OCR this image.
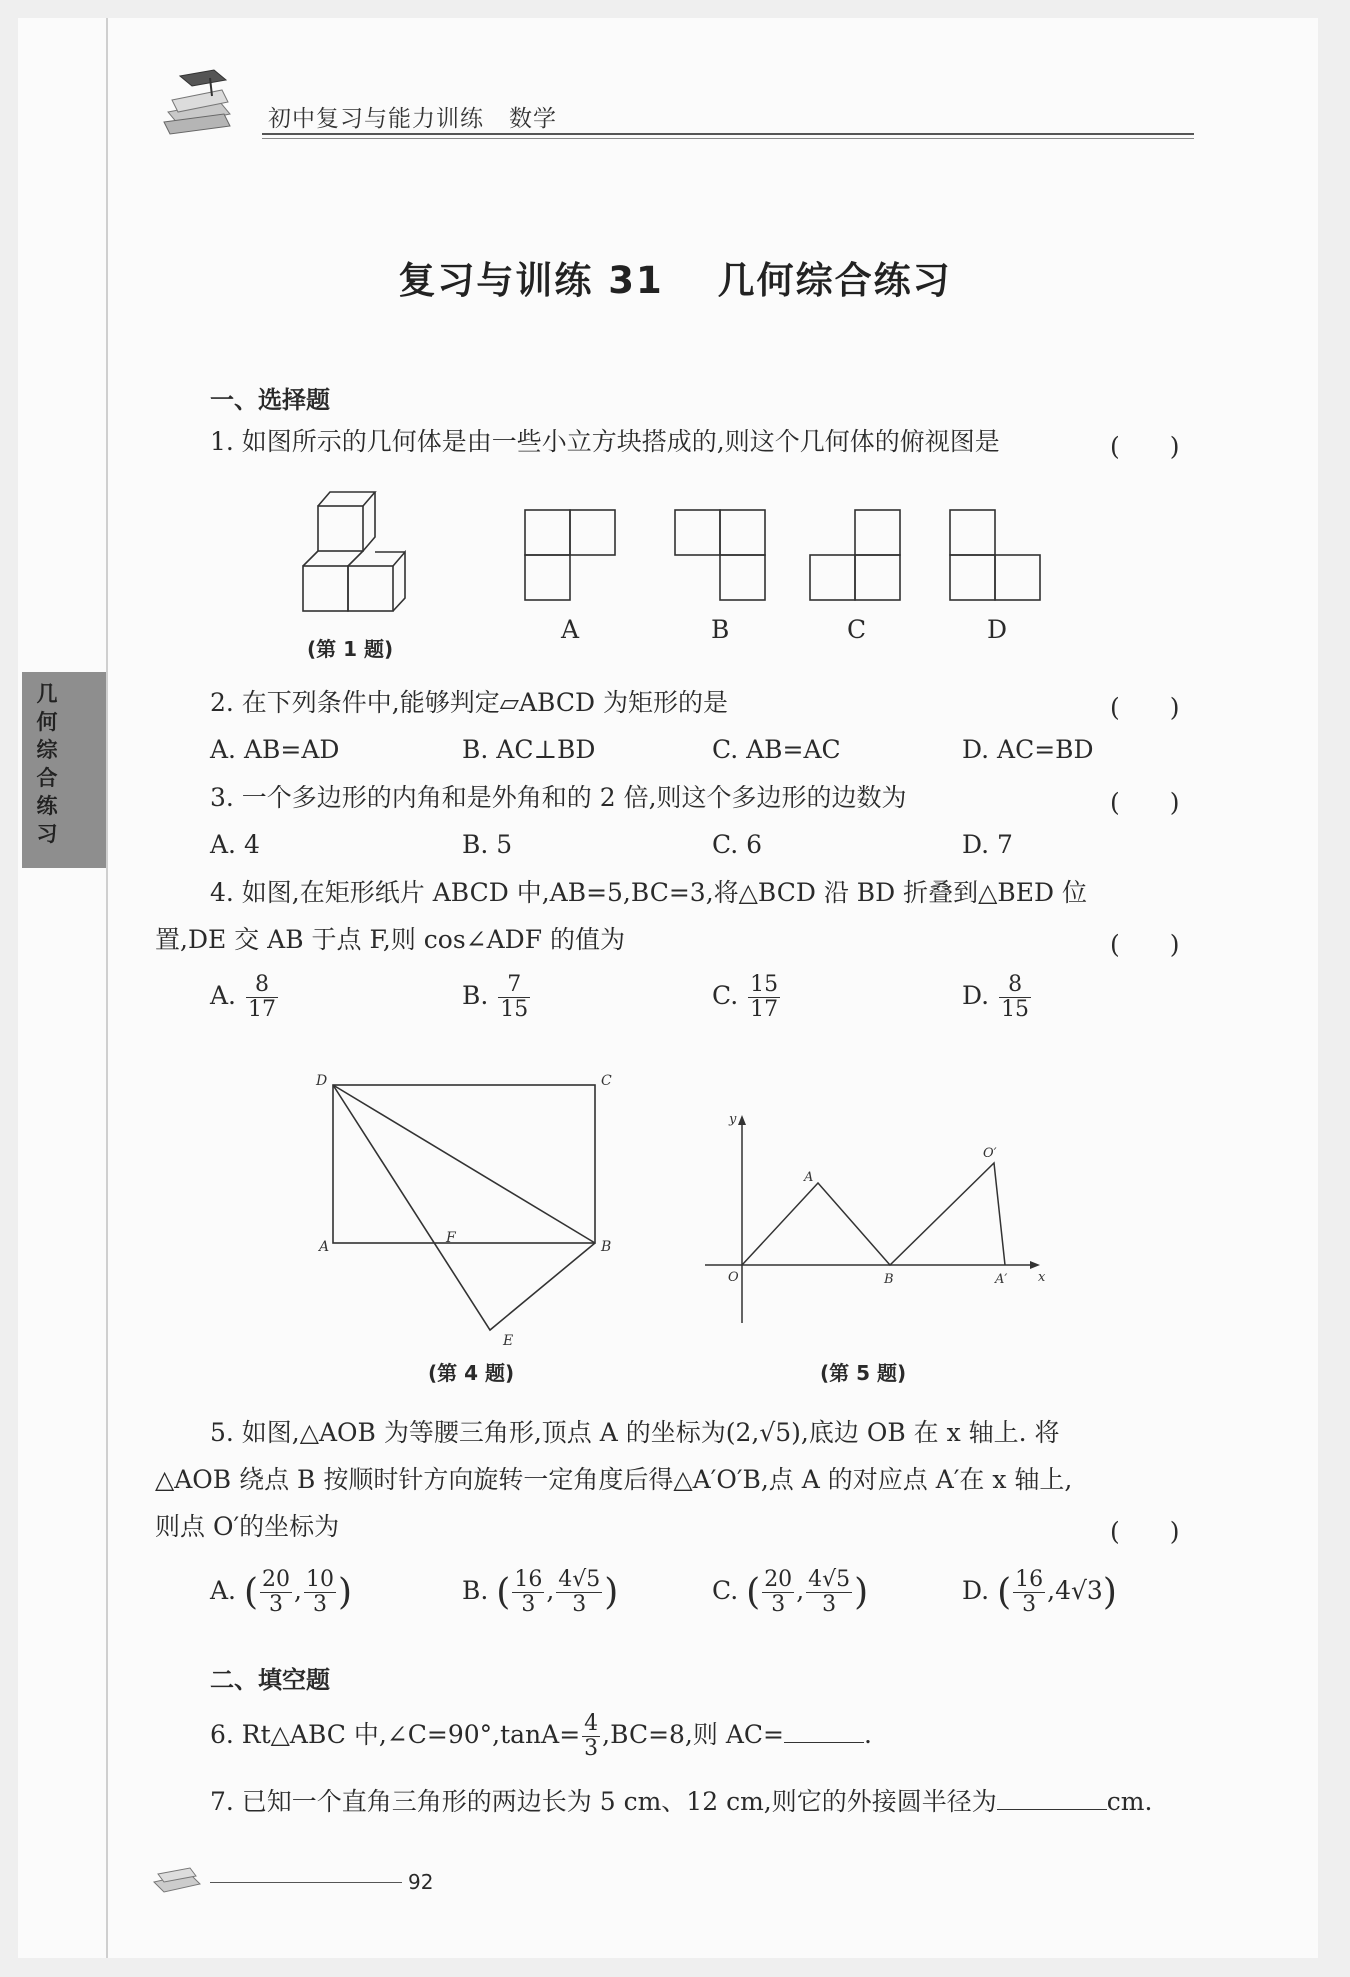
初中复习与能力训练 数学
几
何
综
合
练
习
复习与训练 31　 几何综合练习
一、选择题
1. 如图所示的几何体是由一些小立方块搭成的,则这个几何体的俯视图是	(　　)
(第 1 题)
A	B	C	D
2. 在下列条件中,能够判定▱ABCD 为矩形的是	(　　)
A. AB=AD	B. AC⊥BD	C. AB=AC	D. AC=BD
3. 一个多边形的内角和是外角和的 2 倍,则这个多边形的边数为	(　　)
A. 4	B. 5	C. 6	D. 7
4. 如图,在矩形纸片 ABCD 中,AB=5,BC=3,将△BCD 沿 BD 折叠到△BED 位
置,DE 交 AB 于点 F,则 cos∠ADF 的值为	(　　)
A. $\frac{8}{17}$	B. $\frac{7}{15}$	C. $\frac{15}{17}$	D. $\frac{8}{15}$
D	C
A	B
F
E
(第 4 题)
y
x
O
A
B	A′
O′
(第 5 题)
5. 如图,△AOB 为等腰三角形,顶点 A 的坐标为(2,√5),底边 OB 在 x 轴上. 将
△AOB 绕点 B 按顺时针方向旋转一定角度后得△A′O′B,点 A 的对应点 A′在 x 轴上,
则点 O′的坐标为	(　　)
A. ( $\frac{20}{3}$ , $\frac{10}{3}$ )	B. ( $\frac{16}{3}$ , $\frac{4√5}{3}$ )	C. ( $\frac{20}{3}$ , $\frac{4√5}{3}$ )	D. ( $\frac{16}{3} ,4√3$)
二、填空题
6. Rt△ABC 中,∠C=90°,tanA= $\frac{4}{3} ,BC=8$,则 AC=	.
7. 已知一个直角三角形的两边长为 5 cm、12 cm,则它的外接圆半径为	cm.
92
